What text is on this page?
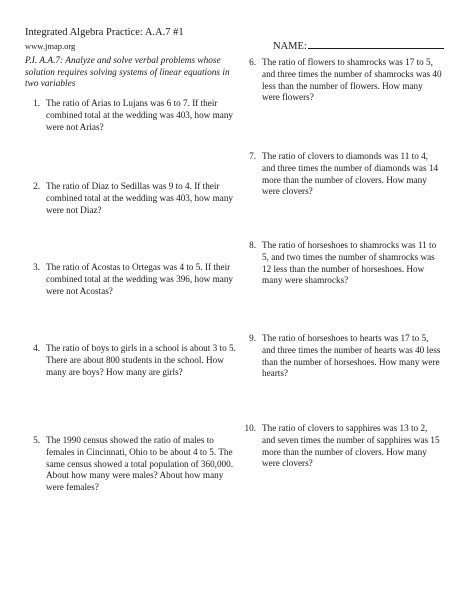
Integrated Algebra Practice: A.A.7 #1
www.jmap.org	NAME:
P.I. A.A.7: Analyze and solve verbal problems whose solution requires solving systems of linear equations in two variables
1. The ratio of Arias to Lujans was 6 to 7. If their combined total at the wedding was 403, how many were not Arias?
2. The ratio of Diaz to Sedillas was 9 to 4. If their combined total at the wedding was 403, how many were not Diaz?
3. The ratio of Acostas to Ortegas was 4 to 5. If their combined total at the wedding was 396, how many were not Acostas?
4. The ratio of boys to girls in a school is about 3 to 5. There are about 800 students in the school. How many are boys? How many are girls?
5. The 1990 census showed the ratio of males to females in Cincinnati, Ohio to be about 4 to 5. The same census showed a total population of 360,000. About how many were males? About how many were females?
6. The ratio of flowers to shamrocks was 17 to 5, and three times the number of shamrocks was 40 less than the number of flowers. How many were flowers?
7. The ratio of clovers to diamonds was 11 to 4, and three times the number of diamonds was 14 more than the number of clovers. How many were clovers?
8. The ratio of horseshoes to shamrocks was 11 to 5, and two times the number of shamrocks was 12 less than the number of horseshoes. How many were shamrocks?
9. The ratio of horseshoes to hearts was 17 to 5, and three times the number of hearts was 40 less than the number of horseshoes. How many were hearts?
10. The ratio of clovers to sapphires was 13 to 2, and seven times the number of sapphires was 15 more than the number of clovers. How many were clovers?
